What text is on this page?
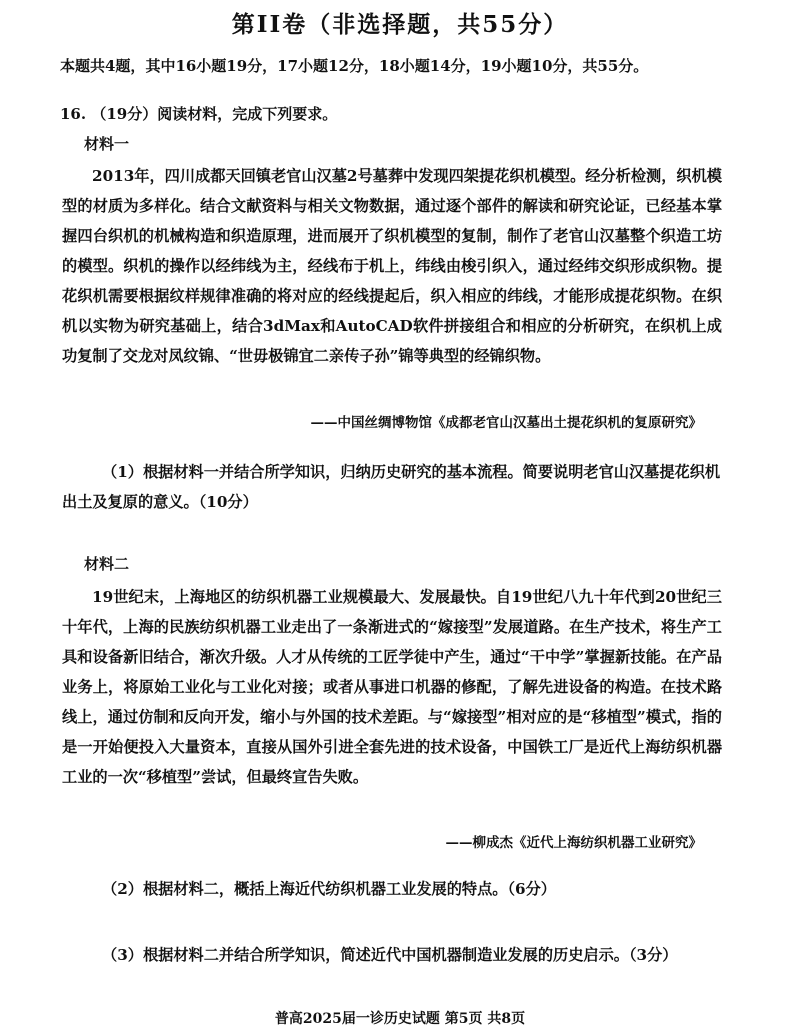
第II卷（非选择题，共55分）
本题共4题，其中16小题19分，17小题12分，18小题14分，19小题10分，共55分。
16. （19分）阅读材料，完成下列要求。
材料一
2013年，四川成都天回镇老官山汉墓2号墓葬中发现四架提花织机模型。经分析检测，织机模型的材质为多样化。结合文献资料与相关文物数据，通过逐个部件的解读和研究论证，已经基本掌握四台织机的机械构造和织造原理，进而展开了织机模型的复制，制作了老官山汉墓整个织造工坊的模型。织机的操作以经纬线为主，经线布于机上，纬线由梭引织入，通过经纬交织形成织物。提花织机需要根据纹样规律准确的将对应的经线提起后，织入相应的纬线，才能形成提花织物。在织机以实物为研究基础上，结合3dMax和AutoCAD软件拼接组合和相应的分析研究，在织机上成功复制了交龙对凤纹锦、“世毋极锦宜二亲传子孙”锦等典型的经锦织物。
——中国丝绸博物馆《成都老官山汉墓出土提花织机的复原研究》
（1）根据材料一并结合所学知识，归纳历史研究的基本流程。简要说明老官山汉墓提花织机出土及复原的意义。（10分）
材料二
19世纪末，上海地区的纺织机器工业规模最大、发展最快。自19世纪八九十年代到20世纪三十年代，上海的民族纺织机器工业走出了一条渐进式的“嫁接型”发展道路。在生产技术，将生产工具和设备新旧结合，渐次升级。人才从传统的工匠学徒中产生，通过“干中学”掌握新技能。在产品业务上，将原始工业化与工业化对接；或者从事进口机器的修配，了解先进设备的构造。在技术路线上，通过仿制和反向开发，缩小与外国的技术差距。与“嫁接型”相对应的是“移植型”模式，指的是一开始便投入大量资本，直接从国外引进全套先进的技术设备，中国铁工厂是近代上海纺织机器工业的一次“移植型”尝试，但最终宣告失败。
——柳成杰《近代上海纺织机器工业研究》
（2）根据材料二，概括上海近代纺织机器工业发展的特点。（6分）
（3）根据材料二并结合所学知识，简述近代中国机器制造业发展的历史启示。（3分）
普高2025届一诊历史试题 第5页 共8页
